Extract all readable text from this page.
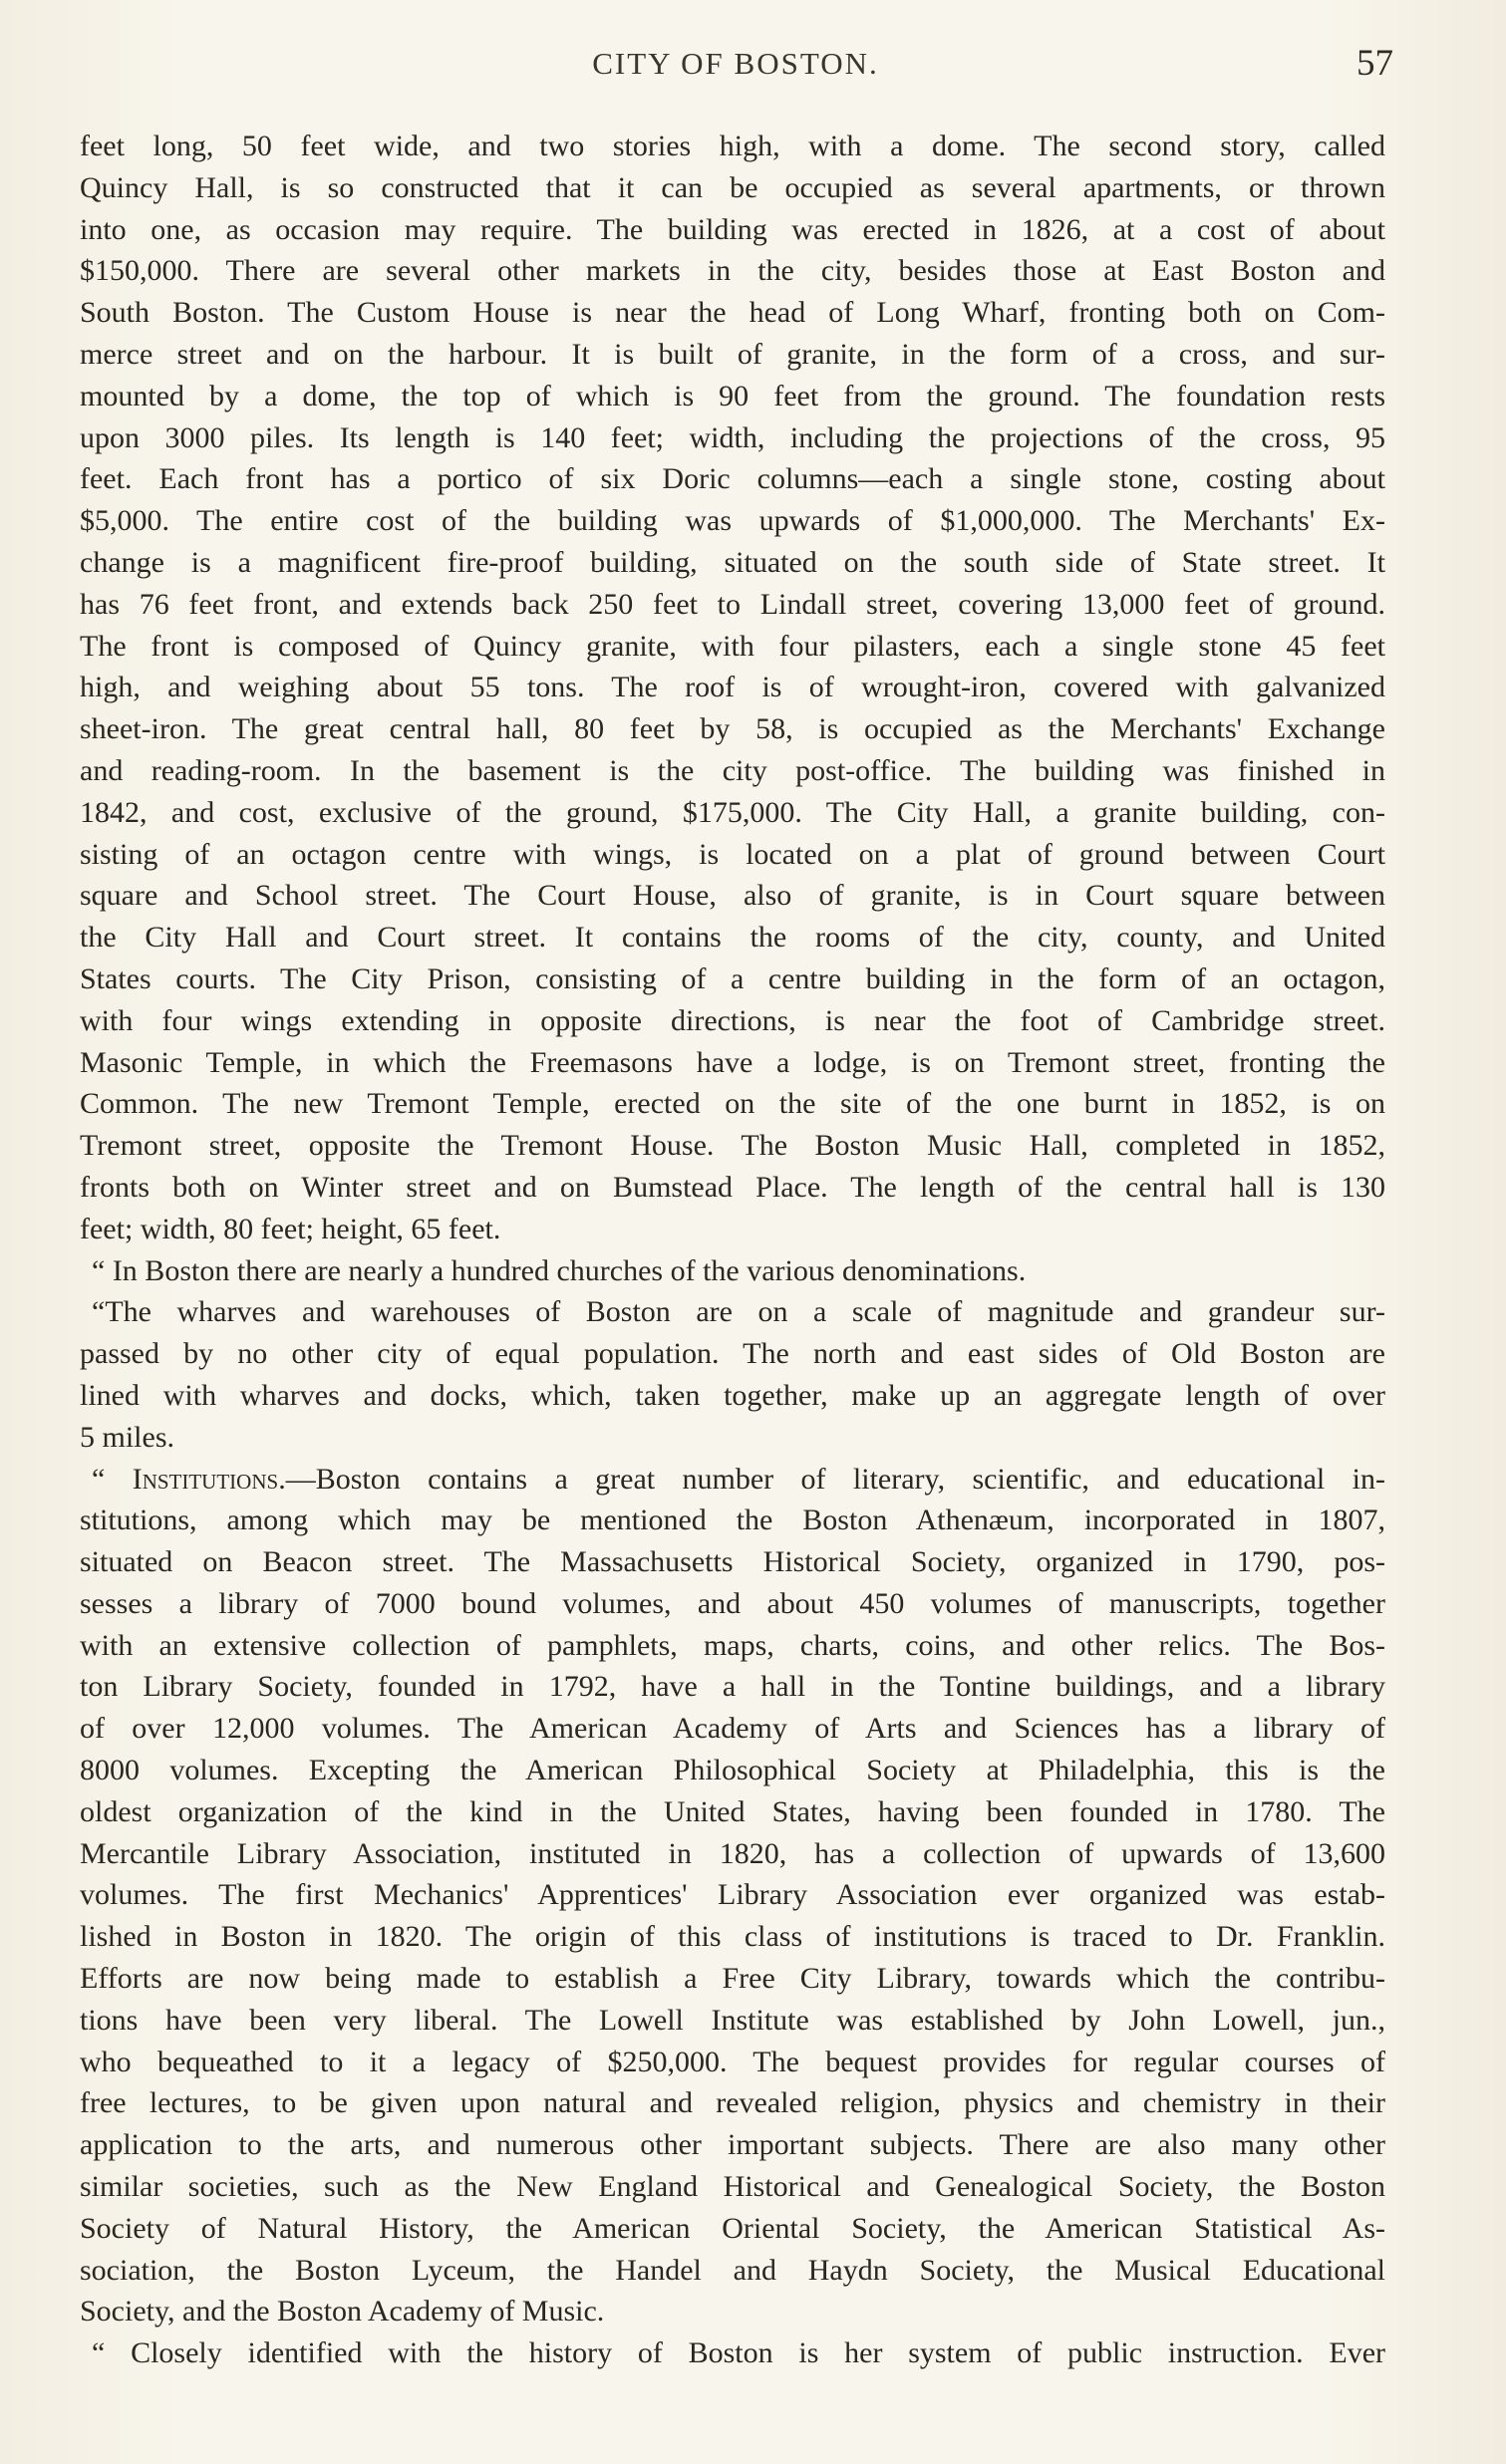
CITY OF BOSTON.	57
feet long, 50 feet wide, and two stories high, with a dome. The second story, called
Quincy Hall, is so constructed that it can be occupied as several apartments, or thrown
into one, as occasion may require. The building was erected in 1826, at a cost of about
$150,000. There are several other markets in the city, besides those at East Boston and
South Boston. The Custom House is near the head of Long Wharf, fronting both on Com-
merce street and on the harbour. It is built of granite, in the form of a cross, and sur-
mounted by a dome, the top of which is 90 feet from the ground. The foundation rests
upon 3000 piles. Its length is 140 feet; width, including the projections of the cross, 95
feet. Each front has a portico of six Doric columns—each a single stone, costing about
$5,000. The entire cost of the building was upwards of $1,000,000. The Merchants' Ex-
change is a magnificent fire-proof building, situated on the south side of State street. It
has 76 feet front, and extends back 250 feet to Lindall street, covering 13,000 feet of ground.
The front is composed of Quincy granite, with four pilasters, each a single stone 45 feet
high, and weighing about 55 tons. The roof is of wrought-iron, covered with galvanized
sheet-iron. The great central hall, 80 feet by 58, is occupied as the Merchants' Exchange
and reading-room. In the basement is the city post-office. The building was finished in
1842, and cost, exclusive of the ground, $175,000. The City Hall, a granite building, con-
sisting of an octagon centre with wings, is located on a plat of ground between Court
square and School street. The Court House, also of granite, is in Court square between
the City Hall and Court street. It contains the rooms of the city, county, and United
States courts. The City Prison, consisting of a centre building in the form of an octagon,
with four wings extending in opposite directions, is near the foot of Cambridge street.
Masonic Temple, in which the Freemasons have a lodge, is on Tremont street, fronting the
Common. The new Tremont Temple, erected on the site of the one burnt in 1852, is on
Tremont street, opposite the Tremont House. The Boston Music Hall, completed in 1852,
fronts both on Winter street and on Bumstead Place. The length of the central hall is 130
feet; width, 80 feet; height, 65 feet.
“ In Boston there are nearly a hundred churches of the various denominations.
“The wharves and warehouses of Boston are on a scale of magnitude and grandeur sur-
passed by no other city of equal population. The north and east sides of Old Boston are
lined with wharves and docks, which, taken together, make up an aggregate length of over
5 miles.
“ Institutions.—Boston contains a great number of literary, scientific, and educational in-
stitutions, among which may be mentioned the Boston Athenæum, incorporated in 1807,
situated on Beacon street. The Massachusetts Historical Society, organized in 1790, pos-
sesses a library of 7000 bound volumes, and about 450 volumes of manuscripts, together
with an extensive collection of pamphlets, maps, charts, coins, and other relics. The Bos-
ton Library Society, founded in 1792, have a hall in the Tontine buildings, and a library
of over 12,000 volumes. The American Academy of Arts and Sciences has a library of
8000 volumes. Excepting the American Philosophical Society at Philadelphia, this is the
oldest organization of the kind in the United States, having been founded in 1780. The
Mercantile Library Association, instituted in 1820, has a collection of upwards of 13,600
volumes. The first Mechanics' Apprentices' Library Association ever organized was estab-
lished in Boston in 1820. The origin of this class of institutions is traced to Dr. Franklin.
Efforts are now being made to establish a Free City Library, towards which the contribu-
tions have been very liberal. The Lowell Institute was established by John Lowell, jun.,
who bequeathed to it a legacy of $250,000. The bequest provides for regular courses of
free lectures, to be given upon natural and revealed religion, physics and chemistry in their
application to the arts, and numerous other important subjects. There are also many other
similar societies, such as the New England Historical and Genealogical Society, the Boston
Society of Natural History, the American Oriental Society, the American Statistical As-
sociation, the Boston Lyceum, the Handel and Haydn Society, the Musical Educational
Society, and the Boston Academy of Music.
“ Closely identified with the history of Boston is her system of public instruction. Ever
